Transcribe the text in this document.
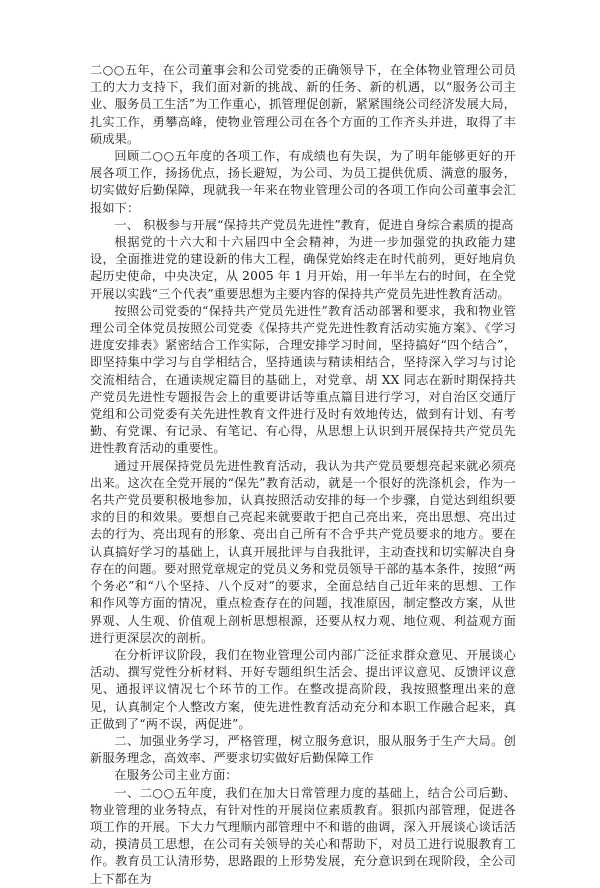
二○○五年，在公司董事会和公司党委的正确领导下，在全体物业管理公司员工的大力支持下，我们面对新的挑战、新的任务、新的机遇，以“服务公司主业、服务员工生活”为工作重心，抓管理促创新，紧紧围绕公司经济发展大局，扎实工作，勇攀高峰，使物业管理公司在各个方面的工作齐头并进，取得了丰硕成果。

回顾二○○五年度的各项工作，有成绩也有失误，为了明年能够更好的开展各项工作，扬扬优点，扬长避短，为公司、为员工提供优质、满意的服务，切实做好后勤保障，现就我一年来在物业管理公司的各项工作向公司董事会汇报如下：

一、 积极参与开展“保持共产党员先进性”教育，促进自身综合素质的提高

根据党的十六大和十六届四中全会精神，为进一步加强党的执政能力建设，全面推进党的建设新的伟大工程，确保党始终走在时代前列，更好地肩负起历史使命，中央决定，从 2005 年 1 月开始，用一年半左右的时间，在全党开展以实践“三个代表”重要思想为主要内容的保持共产党员先进性教育活动。

按照公司党委的“保持共产党员先进性”教育活动部署和要求，我和物业管理公司全体党员按照公司党委《保持共产党先进性教育活动实施方案》、《学习进度安排表》紧密结合工作实际，合理安排学习时间，坚持搞好“四个结合”，即坚持集中学习与自学相结合，坚持通读与精读相结合，坚持深入学习与讨论交流相结合，在通读规定篇目的基础上，对党章、胡 XX 同志在新时期保持共产党员先进性专题报告会上的重要讲话等重点篇目进行学习，对自治区交通厅党组和公司党委有关先进性教育文件进行及时有效地传达，做到有计划、有考勤、有党课、有记录、有笔记、有心得，从思想上认识到开展保持共产党员先进性教育活动的重要性。

通过开展保持党员先进性教育活动，我认为共产党员要想亮起来就必须亮出来。这次在全党开展的“保先”教育活动，就是一个很好的洗涤机会，作为一名共产党员要积极地参加，认真按照活动安排的每一个步骤，自觉达到组织要求的目的和效果。要想自己亮起来就要敢于把自己亮出来，亮出思想、亮出过去的行为、亮出现有的形象、亮出自己所有不合乎共产党员要求的地方。要在认真搞好学习的基础上，认真开展批评与自我批评，主动查找和切实解决自身存在的问题。要对照党章规定的党员义务和党员领导干部的基本条件，按照“两个务必”和“八个坚持、八个反对”的要求，全面总结自己近年来的思想、工作和作风等方面的情况，重点检查存在的问题，找准原因，制定整改方案，从世界观、人生观、价值观上剖析思想根源，还要从权力观、地位观、利益观方面进行更深层次的剖析。

在分析评议阶段，我们在物业管理公司内部广泛征求群众意见、开展谈心活动、撰写党性分析材料、开好专题组织生活会、提出评议意见、反馈评议意见、通报评议情况七个环节的工作。在整改提高阶段，我按照整理出来的意见，认真制定个人整改方案，使先进性教育活动充分和本职工作融合起来，真正做到了“两不误，两促进”。

二、加强业务学习，严格管理，树立服务意识，服从服务于生产大局。创新服务理念，高效率、严要求切实做好后勤保障工作

在服务公司主业方面：

一、二○○五年度，我们在加大日常管理力度的基础上，结合公司后勤、物业管理的业务特点，有针对性的开展岗位素质教育。狠抓内部管理，促进各项工作的开展。下大力气理顺内部管理中不和谐的曲调，深入开展谈心谈话活动，摸清员工思想，在公司有关领导的关心和帮助下，对员工进行说服教育工作。教育员工认清形势，思路跟的上形势发展，充分意识到在现阶段，全公司上下都在为
